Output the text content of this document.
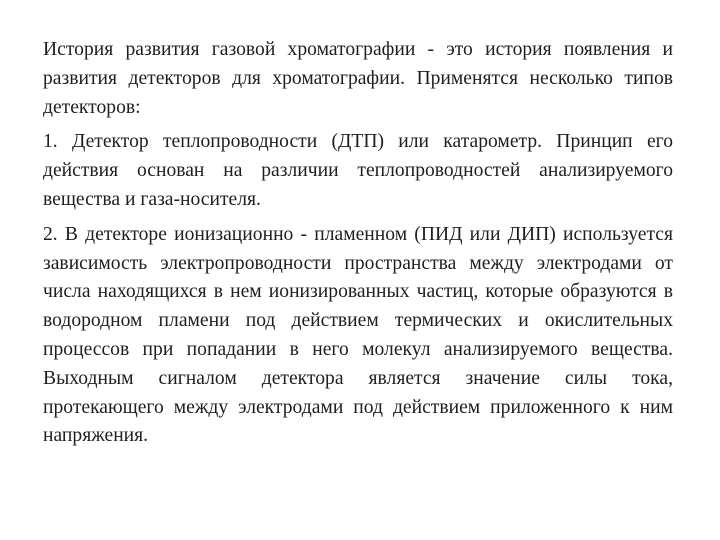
История развития газовой хроматографии - это история появления и развития детекторов для хроматографии. Применятся несколько типов детекторов:

1. Детектор теплопроводности (ДТП) или катарометр. Принцип его действия основан на различии теплопроводностей анализируемого вещества и газа-носителя.

2. В детекторе ионизационно - пламенном (ПИД или ДИП) используется зависимость электропроводности пространства между электродами от числа находящихся в нем ионизированных частиц, которые образуются в водородном пламени под действием термических и окислительных процессов при попадании в него молекул анализируемого вещества. Выходным сигналом детектора является значение силы тока, протекающего между электродами под действием приложенного к ним напряжения.
